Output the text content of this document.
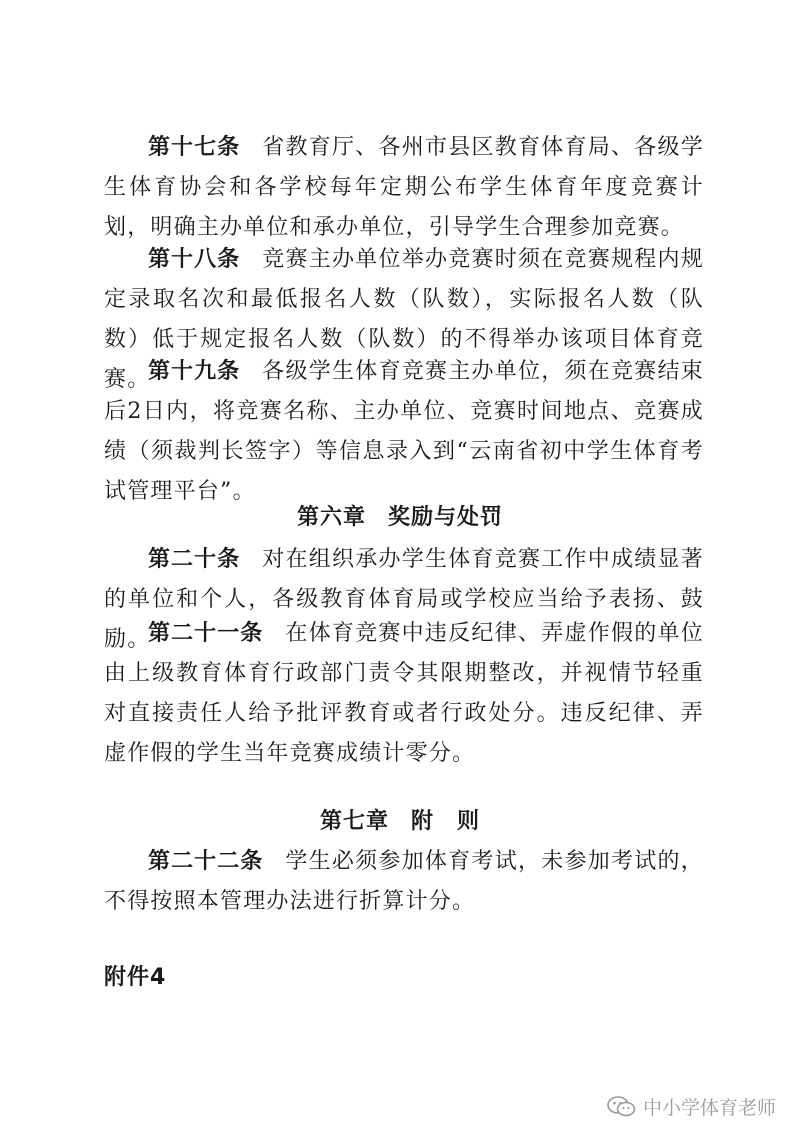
第十七条 省教育厅、各州市县区教育体育局、各级学生体育协会和各学校每年定期公布学生体育年度竞赛计划，明确主办单位和承办单位，引导学生合理参加竞赛。

第十八条 竞赛主办单位举办竞赛时须在竞赛规程内规定录取名次和最低报名人数（队数），实际报名人数（队数）低于规定报名人数（队数）的不得举办该项目体育竞赛。

第十九条 各级学生体育竞赛主办单位，须在竞赛结束后2日内，将竞赛名称、主办单位、竞赛时间地点、竞赛成绩（须裁判长签字）等信息录入到“云南省初中学生体育考试管理平台”。

第六章 奖励与处罚

第二十条 对在组织承办学生体育竞赛工作中成绩显著的单位和个人，各级教育体育局或学校应当给予表扬、鼓励。

第二十一条 在体育竞赛中违反纪律、弄虚作假的单位由上级教育体育行政部门责令其限期整改，并视情节轻重对直接责任人给予批评教育或者行政处分。违反纪律、弄虚作假的学生当年竞赛成绩计零分。

第七章 附　则

第二十二条 学生必须参加体育考试，未参加考试的，不得按照本管理办法进行折算计分。

附件4

中小学体育老师
